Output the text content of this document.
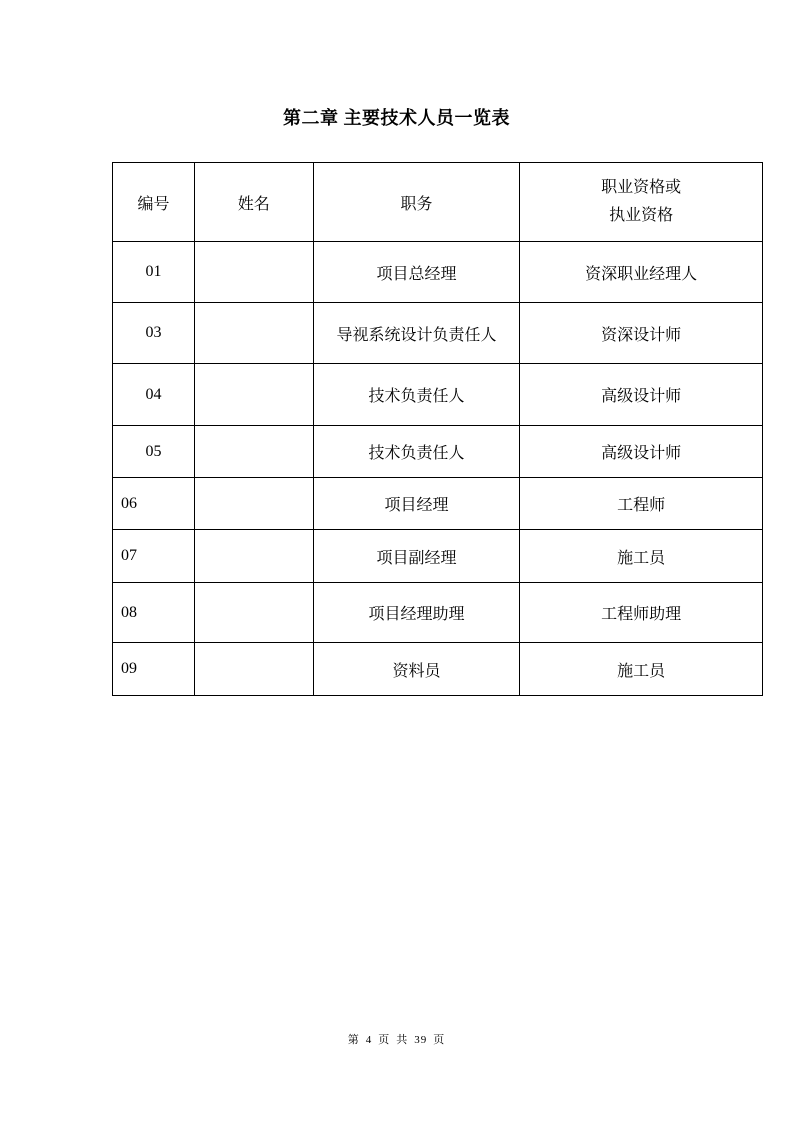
第二章 主要技术人员一览表
编号	姓名	职务	职业资格或
执业资格
01		项目总经理	资深职业经理人
03		导视系统设计负责任人	资深设计师
04		技术负责任人	高级设计师
05		技术负责任人	高级设计师
06		项目经理	工程师
07		项目副经理	施工员
08		项目经理助理	工程师助理
09		资料员	施工员
第 4 页 共 39 页
